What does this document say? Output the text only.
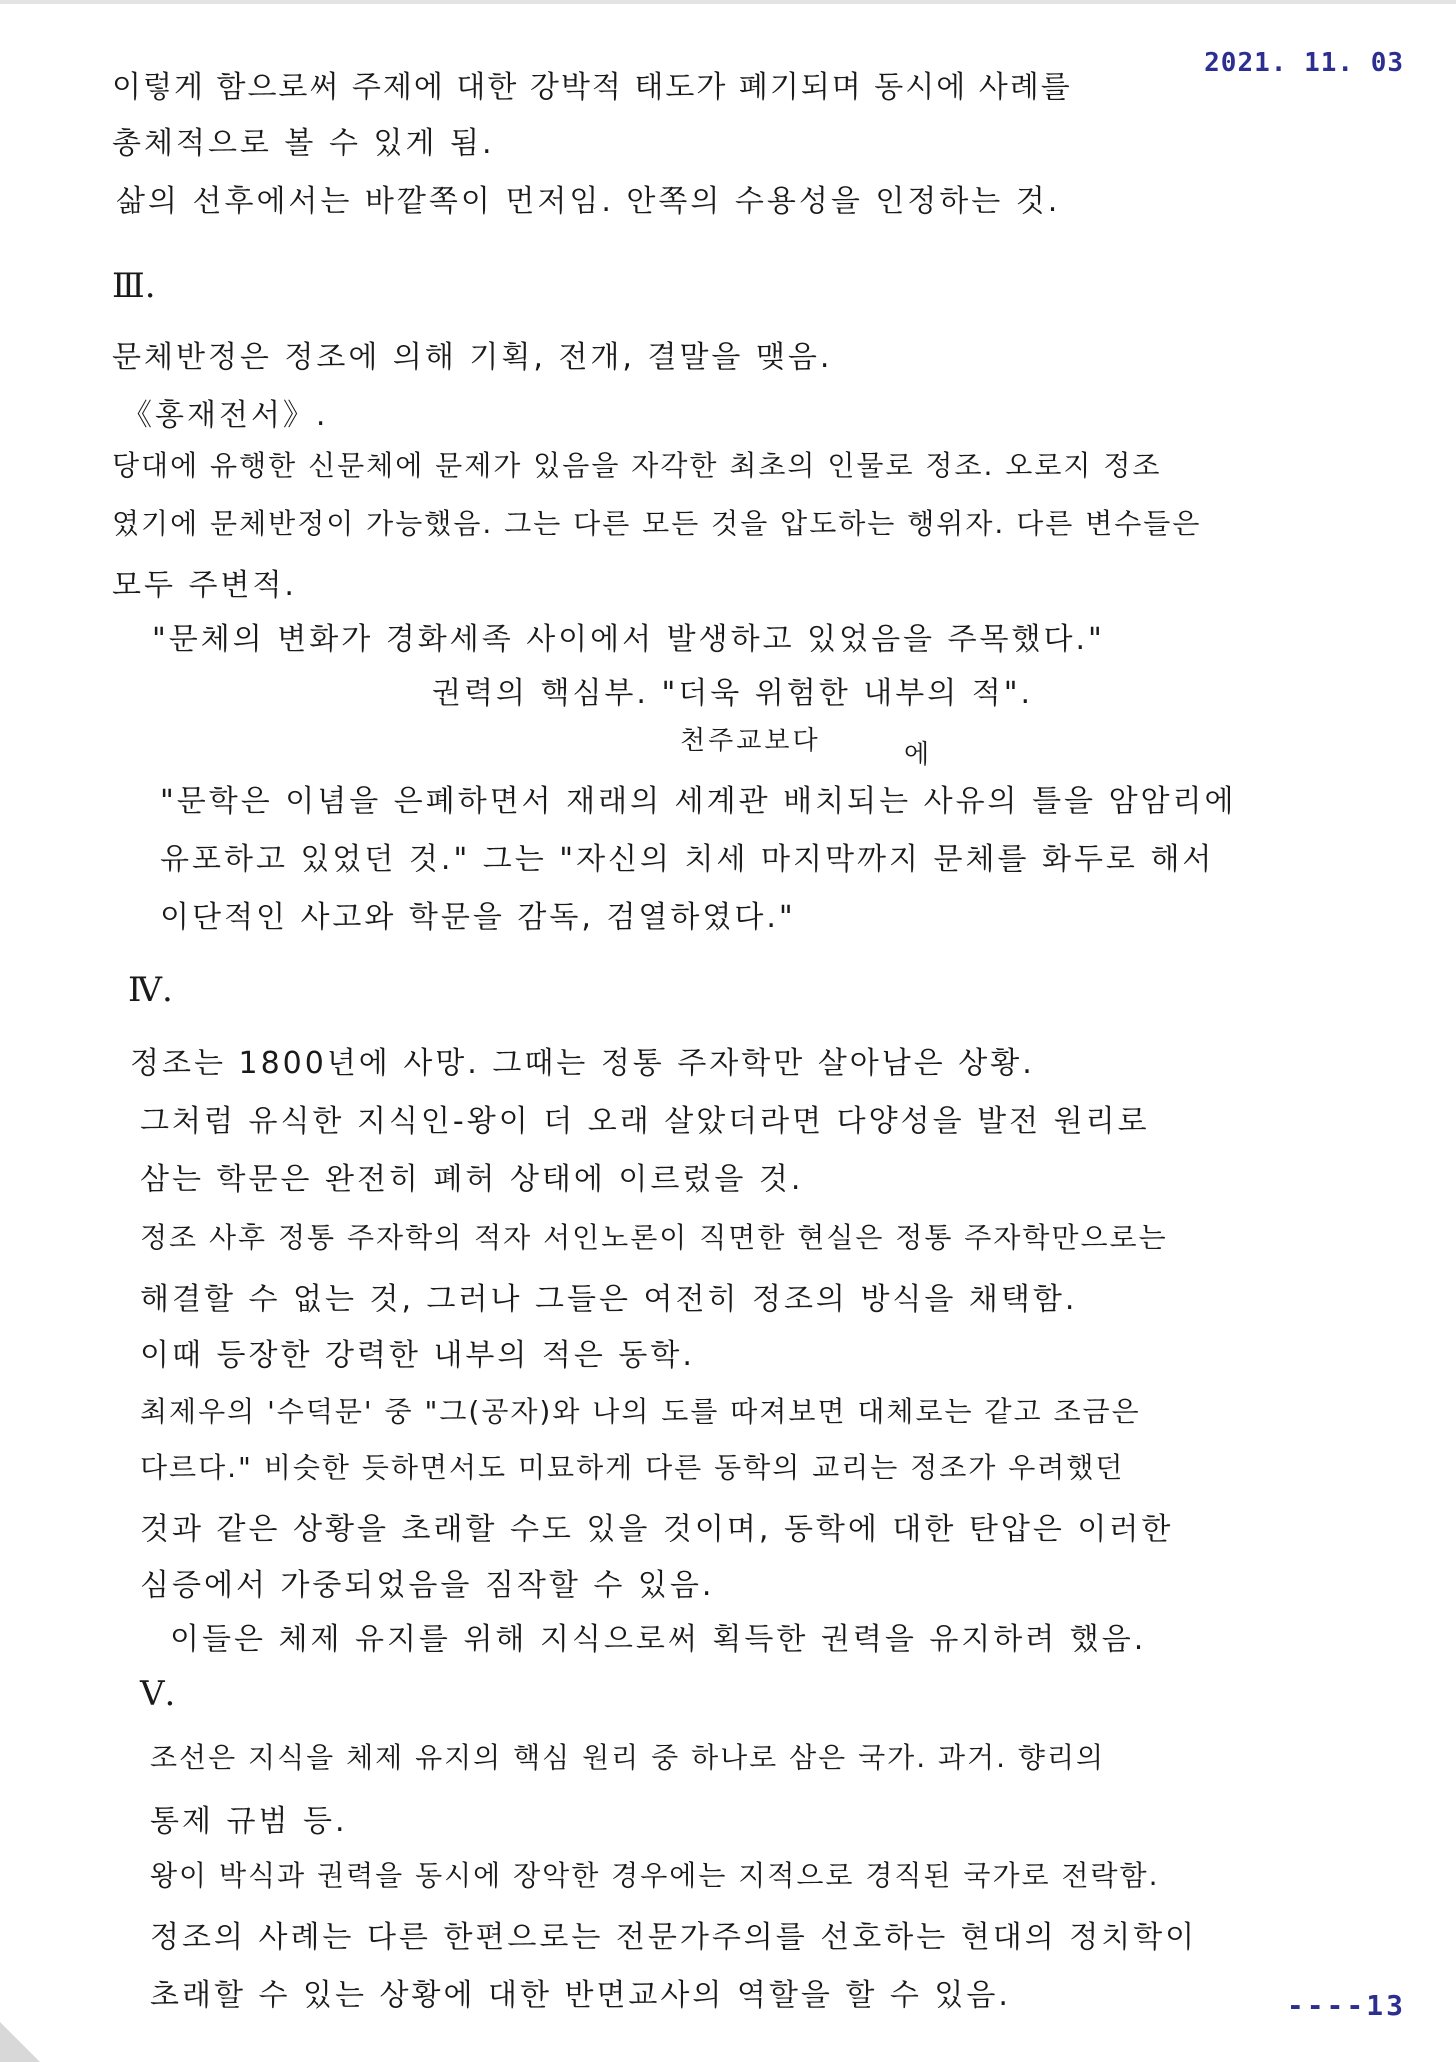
2021. 11. 03
이렇게 함으로써 주제에 대한 강박적 태도가 폐기되며 동시에 사례를
총체적으로 볼 수 있게 됨.
삶의 선후에서는 바깥쪽이 먼저임. 안쪽의 수용성을 인정하는 것.
Ⅲ.
문체반정은 정조에 의해 기획, 전개, 결말을 맺음.
《홍재전서》.
당대에 유행한 신문체에 문제가 있음을 자각한 최초의 인물로 정조. 오로지 정조
였기에 문체반정이 가능했음. 그는 다른 모든 것을 압도하는 행위자. 다른 변수들은
모두 주변적.
"문체의 변화가 경화세족 사이에서 발생하고 있었음을 주목했다."
권력의 핵심부. "더욱 위험한 내부의 적".
천주교보다	에
"문학은 이념을 은폐하면서 재래의 세계관 배치되는 사유의 틀을 암암리에
유포하고 있었던 것." 그는 "자신의 치세 마지막까지 문체를 화두로 해서
이단적인 사고와 학문을 감독, 검열하였다."
Ⅳ.
정조는 1800년에 사망. 그때는 정통 주자학만 살아남은 상황.
그처럼 유식한 지식인-왕이 더 오래 살았더라면 다양성을 발전 원리로
삼는 학문은 완전히 폐허 상태에 이르렀을 것.
정조 사후 정통 주자학의 적자 서인노론이 직면한 현실은 정통 주자학만으로는
해결할 수 없는 것, 그러나 그들은 여전히 정조의 방식을 채택함.
이때 등장한 강력한 내부의 적은 동학.
최제우의 '수덕문' 중 "그(공자)와 나의 도를 따져보면 대체로는 같고 조금은
다르다." 비슷한 듯하면서도 미묘하게 다른 동학의 교리는 정조가 우려했던
것과 같은 상황을 초래할 수도 있을 것이며, 동학에 대한 탄압은 이러한
심증에서 가중되었음을 짐작할 수 있음.
이들은 체제 유지를 위해 지식으로써 획득한 권력을 유지하려 했음.
Ⅴ.
조선은 지식을 체제 유지의 핵심 원리 중 하나로 삼은 국가. 과거. 향리의
통제 규범 등.
왕이 박식과 권력을 동시에 장악한 경우에는 지적으로 경직된 국가로 전락함.
정조의 사례는 다른 한편으로는 전문가주의를 선호하는 현대의 정치학이
초래할 수 있는 상황에 대한 반면교사의 역할을 할 수 있음.	----13
